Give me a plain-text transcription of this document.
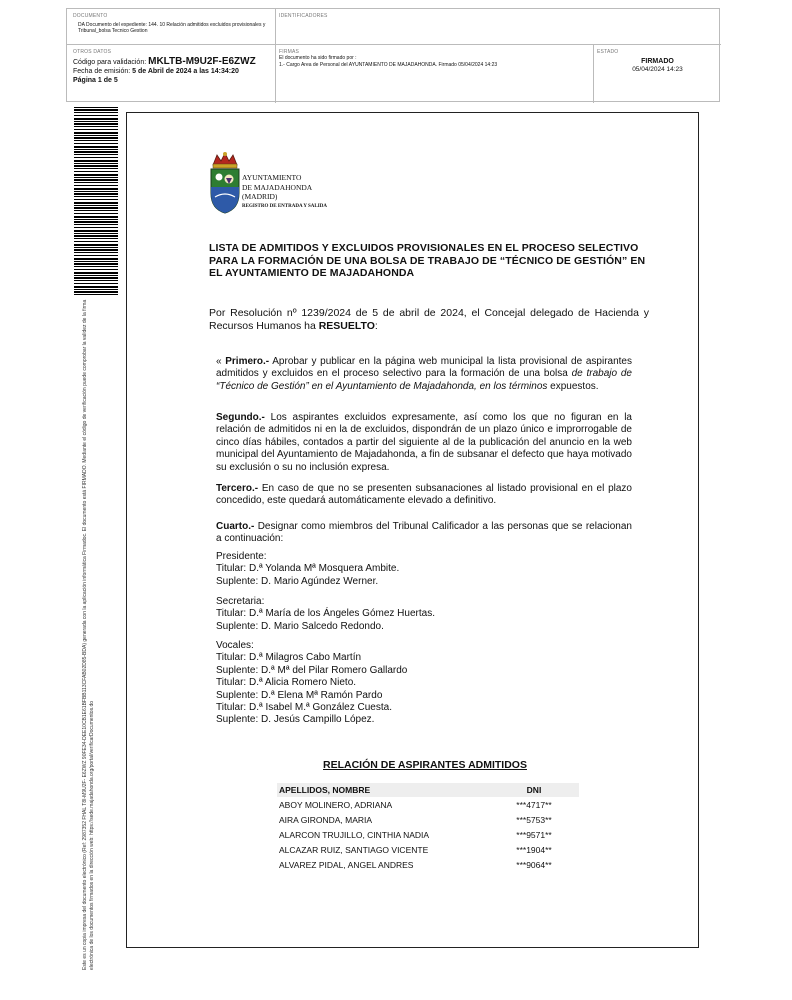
DOCUMENTO
DA Documento del expediente: 144. 10 Relación admitidos excluidos provisionales y Tribunal_bolsa Tecnico Gestion
IDENTIFICADORES
OTROS DATOS
Código para validación: MKLTB-M9U2F-E6ZWZ
Fecha de emisión: 5 de Abril de 2024 a las 14:34:20
Página 1 de 5
FIRMAS
El documento ha sido firmado por :
1.- Cargo Area de Personal del AYUNTAMIENTO DE MAJADAHONDA. Firmado 05/04/2024 14:23
ESTADO
FIRMADO
05/04/2024 14:23
Este es un copia impresa del documento electrónico (Ref: 2987352 FHAL T8I-M9U2F- E6ZWZ 90FE34-DEE10CB1E61BFBB113CFAB02D85-BDA) generada con la aplicación informática Firmadoc. El documento está FIRMADO. Mediante el código de verificación puede comprobar la validez de la firma electrónica de los documentos firmados en la dirección web: https://sede.majadahonda.org/portal/verificarDocumentos.do
AYUNTAMIENTO
DE MAJADAHONDA
(MADRID)
REGISTRO DE ENTRADA Y SALIDA
LISTA DE ADMITIDOS Y EXCLUIDOS PROVISIONALES EN EL PROCESO SELECTIVO PARA LA FORMACIÓN DE UNA BOLSA DE TRABAJO DE “TÉCNICO DE GESTIÓN” EN EL AYUNTAMIENTO DE MAJADAHONDA
Por Resolución nº 1239/2024 de 5 de abril de 2024, el Concejal delegado de Hacienda y Recursos Humanos ha RESUELTO:
« Primero.- Aprobar y publicar en la página web municipal la lista provisional de aspirantes admitidos y excluidos en el proceso selectivo para la formación de una bolsa de trabajo de “Técnico de Gestión” en el Ayuntamiento de Majadahonda, en los términos expuestos.
Segundo.- Los aspirantes excluidos expresamente, así como los que no figuran en la relación de admitidos ni en la de excluidos, dispondrán de un plazo único e improrrogable de cinco días hábiles, contados a partir del siguiente al de la publicación del anuncio en la web municipal del Ayuntamiento de Majadahonda, a fin de subsanar el defecto que haya motivado su exclusión o su no inclusión expresa.
Tercero.- En caso de que no se presenten subsanaciones al listado provisional en el plazo concedido, este quedará automáticamente elevado a definitivo.
Cuarto.- Designar como miembros del Tribunal Calificador a las personas que se relacionan a continuación:
Presidente:
Titular: D.ª Yolanda Mª Mosquera Ambite.
Suplente: D. Mario Agúndez Werner.
Secretaria:
Titular: D.ª María de los Ángeles Gómez Huertas.
Suplente: D. Mario Salcedo Redondo.
Vocales:
Titular: D.ª Milagros Cabo Martín
Suplente: D.ª Mª del Pilar Romero Gallardo
Titular: D.ª Alicia Romero Nieto.
Suplente: D.ª Elena Mª Ramón Pardo
Titular: D.ª Isabel M.ª González Cuesta.
Suplente: D. Jesús Campillo López.
RELACIÓN DE ASPIRANTES ADMITIDOS
APELLIDOS, NOMBRE	DNI
ABOY MOLINERO, ADRIANA	***4717**
AIRA GIRONDA, MARIA	***5753**
ALARCON TRUJILLO, CINTHIA NADIA	***9571**
ALCAZAR RUIZ, SANTIAGO VICENTE	***1904**
ALVAREZ PIDAL, ANGEL ANDRES	***9064**
